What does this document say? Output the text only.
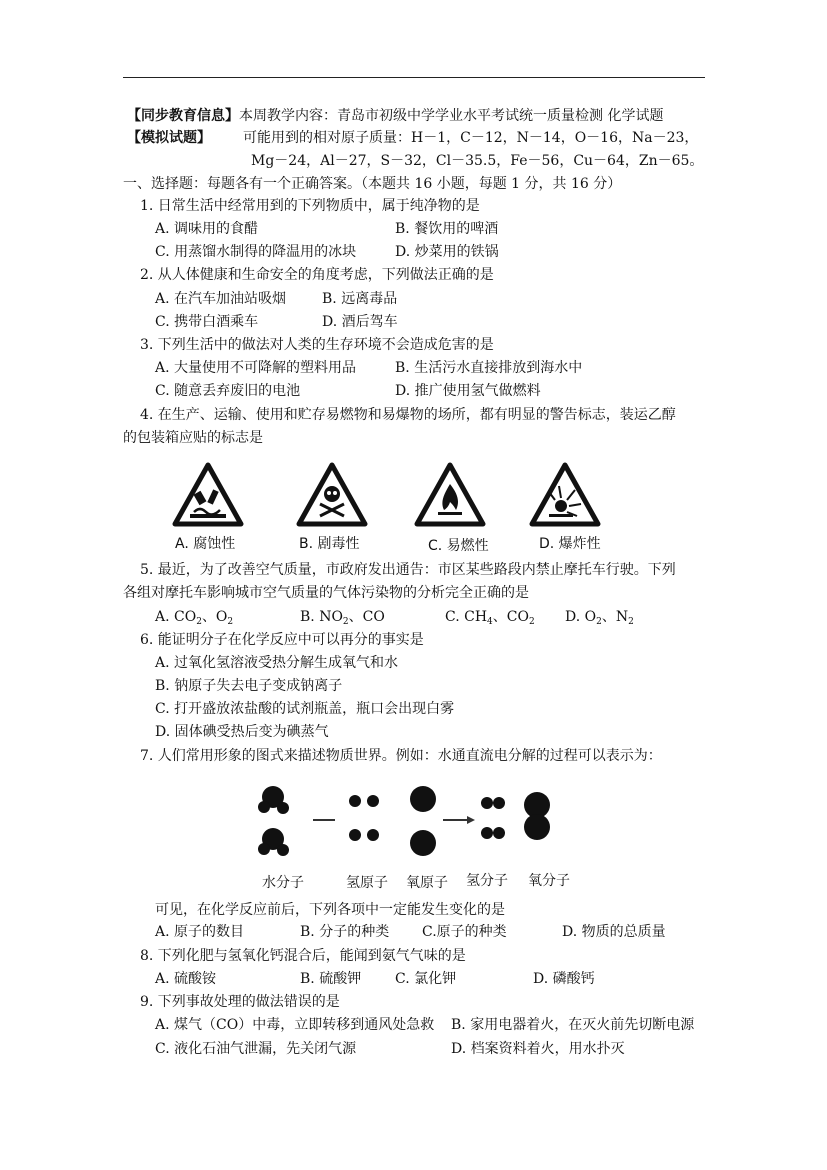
【同步教育信息】本周教学内容：青岛市初级中学学业水平考试统一质量检测 化学试题
【模拟试题】 可能用到的相对原子质量：H－1，C－12，N－14，O－16，Na－23，
Mg－24，Al－27，S－32，Cl－35.5，Fe－56，Cu－64，Zn－65。
一、选择题：每题各有一个正确答案。（本题共 16 小题，每题 1 分，共 16 分）
1. 日常生活中经常用到的下列物质中，属于纯净物的是
A. 调味用的食醋	B. 餐饮用的啤酒
C. 用蒸馏水制得的降温用的冰块	D. 炒菜用的铁锅
2. 从人体健康和生命安全的角度考虑，下列做法正确的是
A. 在汽车加油站吸烟	B. 远离毒品
C. 携带白酒乘车	D. 酒后驾车
3. 下列生活中的做法对人类的生存环境不会造成危害的是
A. 大量使用不可降解的塑料用品	B. 生活污水直接排放到海水中
C. 随意丢弃废旧的电池	D. 推广使用氢气做燃料
4. 在生产、运输、使用和贮存易燃物和易爆物的场所，都有明显的警告标志，装运乙醇
的包装箱应贴的标志是
A. 腐蚀性	B. 剧毒性	C. 易燃性	D. 爆炸性
5. 最近，为了改善空气质量，市政府发出通告：市区某些路段内禁止摩托车行驶。下列
各组对摩托车影响城市空气质量的气体污染物的分析完全正确的是
A. $CO_2$、$O_2$	B. $NO_2$、CO	C. $CH_4$、$CO_2$ D. $O_2$、$N_2$
6. 能证明分子在化学反应中可以再分的事实是
A. 过氧化氢溶液受热分解生成氧气和水
B. 钠原子失去电子变成钠离子
C. 打开盛放浓盐酸的试剂瓶盖，瓶口会出现白雾
D. 固体碘受热后变为碘蒸气
7. 人们常用形象的图式来描述物质世界。例如：水通直流电分解的过程可以表示为：
水分子	氢原子 氧原子 氢分子 氧分子
可见，在化学反应前后，下列各项中一定能发生变化的是
A. 原子的数目	B. 分子的种类 C.原子的种类	D. 物质的总质量
8. 下列化肥与氢氧化钙混合后，能闻到氨气气味的是
A. 硫酸铵	B. 硫酸钾 C. 氯化钾	D. 磷酸钙
9. 下列事故处理的做法错误的是
A. 煤气（CO）中毒，立即转移到通风处急救 B. 家用电器着火，在灭火前先切断电源
C. 液化石油气泄漏，先关闭气源	D. 档案资料着火，用水扑灭
